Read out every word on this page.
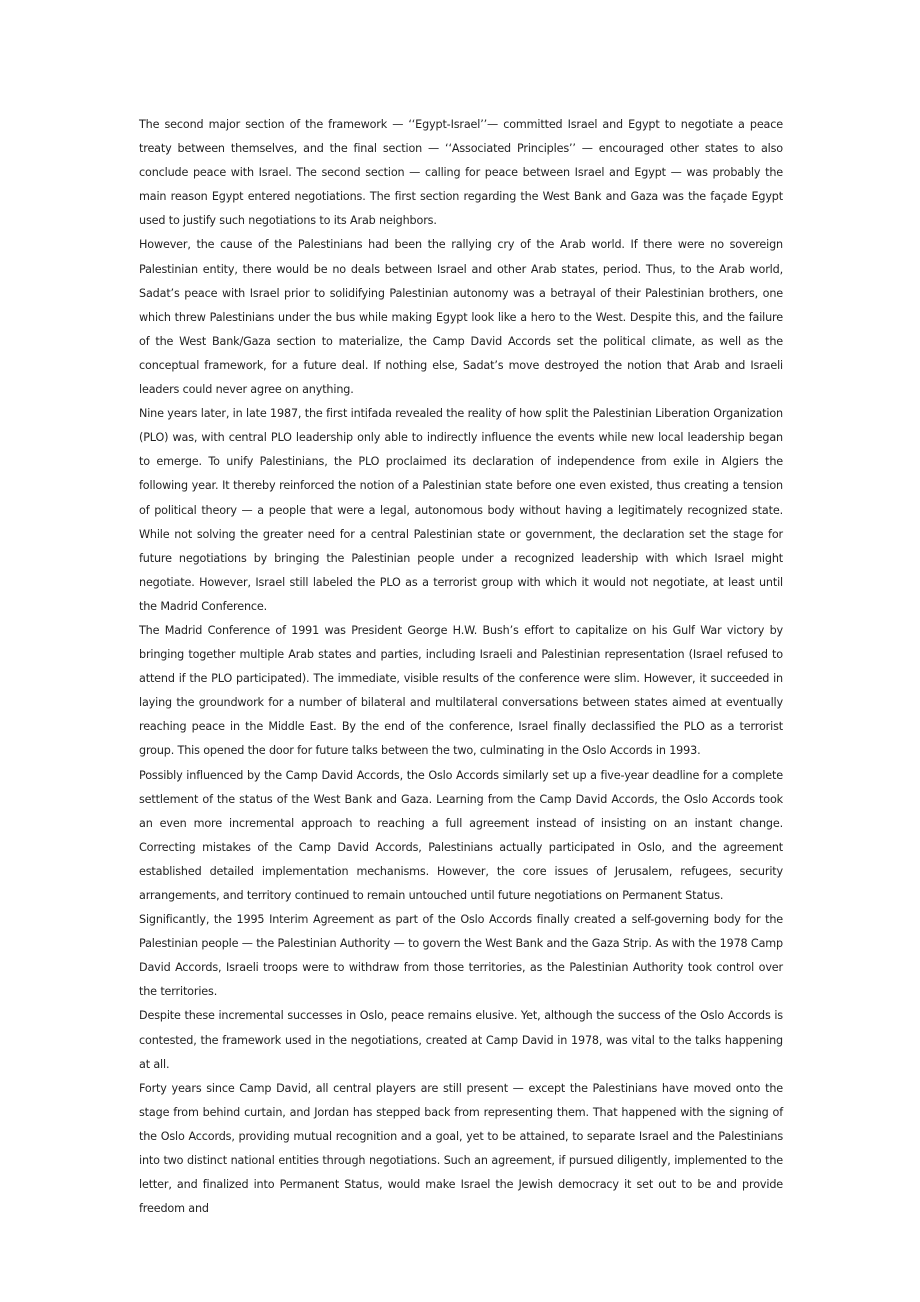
The second major section of the framework — ‘‘Egypt-Israel’’— committed Israel and Egypt to negotiate a peace treaty between themselves, and the final section — ‘‘Associated Principles’’ — encouraged other states to also conclude peace with Israel. The second section — calling for peace between Israel and Egypt — was probably the main reason Egypt entered negotiations. The first section regarding the West Bank and Gaza was the façade Egypt used to justify such negotiations to its Arab neighbors.

However, the cause of the Palestinians had been the rallying cry of the Arab world. If there were no sovereign Palestinian entity, there would be no deals between Israel and other Arab states, period. Thus, to the Arab world, Sadat’s peace with Israel prior to solidifying Palestinian autonomy was a betrayal of their Palestinian brothers, one which threw Palestinians under the bus while making Egypt look like a hero to the West. Despite this, and the failure of the West Bank/Gaza section to materialize, the Camp David Accords set the political climate, as well as the conceptual framework, for a future deal. If nothing else, Sadat’s move destroyed the notion that Arab and Israeli leaders could never agree on anything.

Nine years later, in late 1987, the first intifada revealed the reality of how split the Palestinian Liberation Organization (PLO) was, with central PLO leadership only able to indirectly influence the events while new local leadership began to emerge. To unify Palestinians, the PLO proclaimed its declaration of independence from exile in Algiers the following year. It thereby reinforced the notion of a Palestinian state before one even existed, thus creating a tension of political theory — a people that were a legal, autonomous body without having a legitimately recognized state. While not solving the greater need for a central Palestinian state or government, the declaration set the stage for future negotiations by bringing the Palestinian people under a recognized leadership with which Israel might negotiate. However, Israel still labeled the PLO as a terrorist group with which it would not negotiate, at least until the Madrid Conference.

The Madrid Conference of 1991 was President George H.W. Bush’s effort to capitalize on his Gulf War victory by bringing together multiple Arab states and parties, including Israeli and Palestinian representation (Israel refused to attend if the PLO participated). The immediate, visible results of the conference were slim. However, it succeeded in laying the groundwork for a number of bilateral and multilateral conversations between states aimed at eventually reaching peace in the Middle East. By the end of the conference, Israel finally declassified the PLO as a terrorist group. This opened the door for future talks between the two, culminating in the Oslo Accords in 1993.

Possibly influenced by the Camp David Accords, the Oslo Accords similarly set up a five-year deadline for a complete settlement of the status of the West Bank and Gaza. Learning from the Camp David Accords, the Oslo Accords took an even more incremental approach to reaching a full agreement instead of insisting on an instant change. Correcting mistakes of the Camp David Accords, Palestinians actually participated in Oslo, and the agreement established detailed implementation mechanisms. However, the core issues of Jerusalem, refugees, security arrangements, and territory continued to remain untouched until future negotiations on Permanent Status.

Significantly, the 1995 Interim Agreement as part of the Oslo Accords finally created a self-governing body for the Palestinian people — the Palestinian Authority — to govern the West Bank and the Gaza Strip. As with the 1978 Camp David Accords, Israeli troops were to withdraw from those territories, as the Palestinian Authority took control over the territories.

Despite these incremental successes in Oslo, peace remains elusive. Yet, although the success of the Oslo Accords is contested, the framework used in the negotiations, created at Camp David in 1978, was vital to the talks happening at all.

Forty years since Camp David, all central players are still present — except the Palestinians have moved onto the stage from behind curtain, and Jordan has stepped back from representing them. That happened with the signing of the Oslo Accords, providing mutual recognition and a goal, yet to be attained, to separate Israel and the Palestinians into two distinct national entities through negotiations. Such an agreement, if pursued diligently, implemented to the letter, and finalized into Permanent Status, would make Israel the Jewish democracy it set out to be and provide freedom and
